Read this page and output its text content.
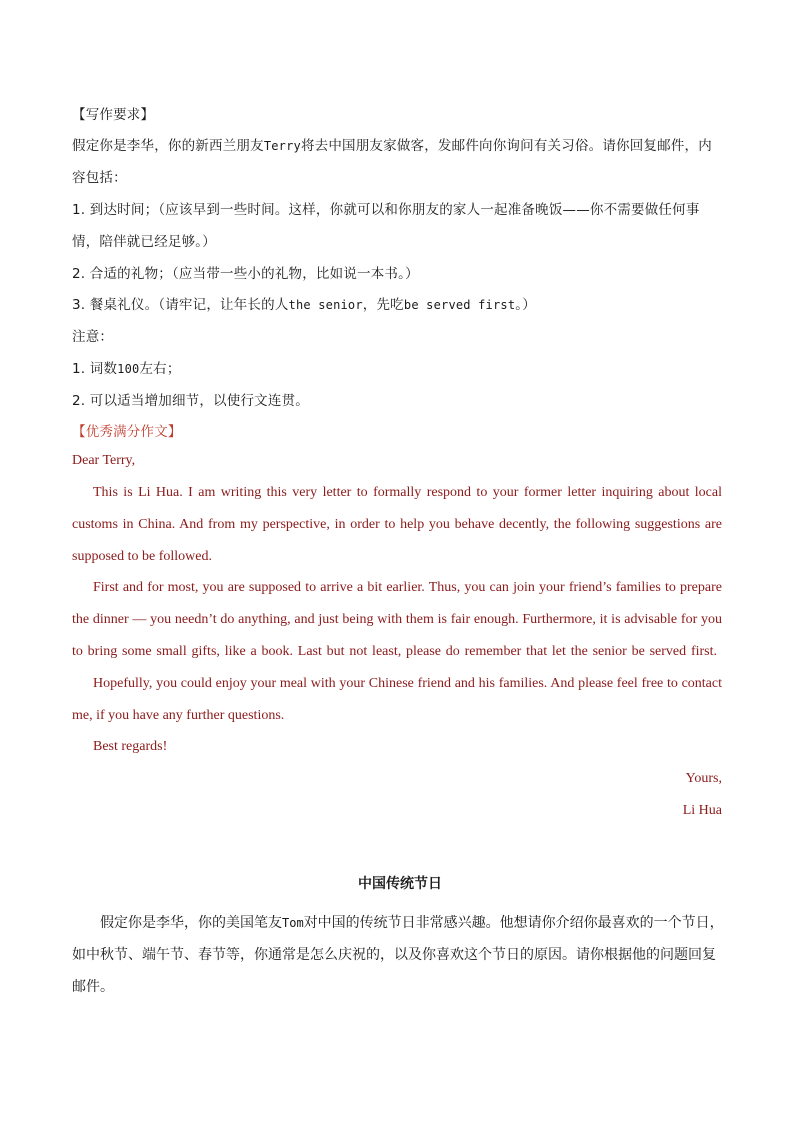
【写作要求】
假定你是李华，你的新西兰朋友Terry将去中国朋友家做客，发邮件向你询问有关习俗。请你回复邮件，内
容包括：
1. 到达时间；（应该早到一些时间。这样，你就可以和你朋友的家人一起准备晚饭——你不需要做任何事
情，陪伴就已经足够。）
2. 合适的礼物；（应当带一些小的礼物，比如说一本书。）
3. 餐桌礼仪。（请牢记，让年长的人the senior，先吃be served first。）
注意：
1. 词数100左右；
2. 可以适当增加细节，以使行文连贯。
【优秀满分作文】
Dear Terry,
This is Li Hua. I am writing this very letter to formally respond to your former letter inquiring about local
customs in China. And from my perspective, in order to help you behave decently, the following suggestions are
supposed to be followed.
First and for most, you are supposed to arrive a bit earlier. Thus, you can join your friend’s families to prepare
the dinner — you needn’t do anything, and just being with them is fair enough. Furthermore, it is advisable for you
to bring some small gifts, like a book. Last but not least, please do remember that let the senior be served first.
Hopefully, you could enjoy your meal with your Chinese friend and his families. And please feel free to contact
me, if you have any further questions.
Best regards!
Yours,
Li Hua
中国传统节日
假定你是李华，你的美国笔友Tom对中国的传统节日非常感兴趣。他想请你介绍你最喜欢的一个节日，
如中秋节、端午节、春节等，你通常是怎么庆祝的，以及你喜欢这个节日的原因。请你根据他的问题回复
邮件。
